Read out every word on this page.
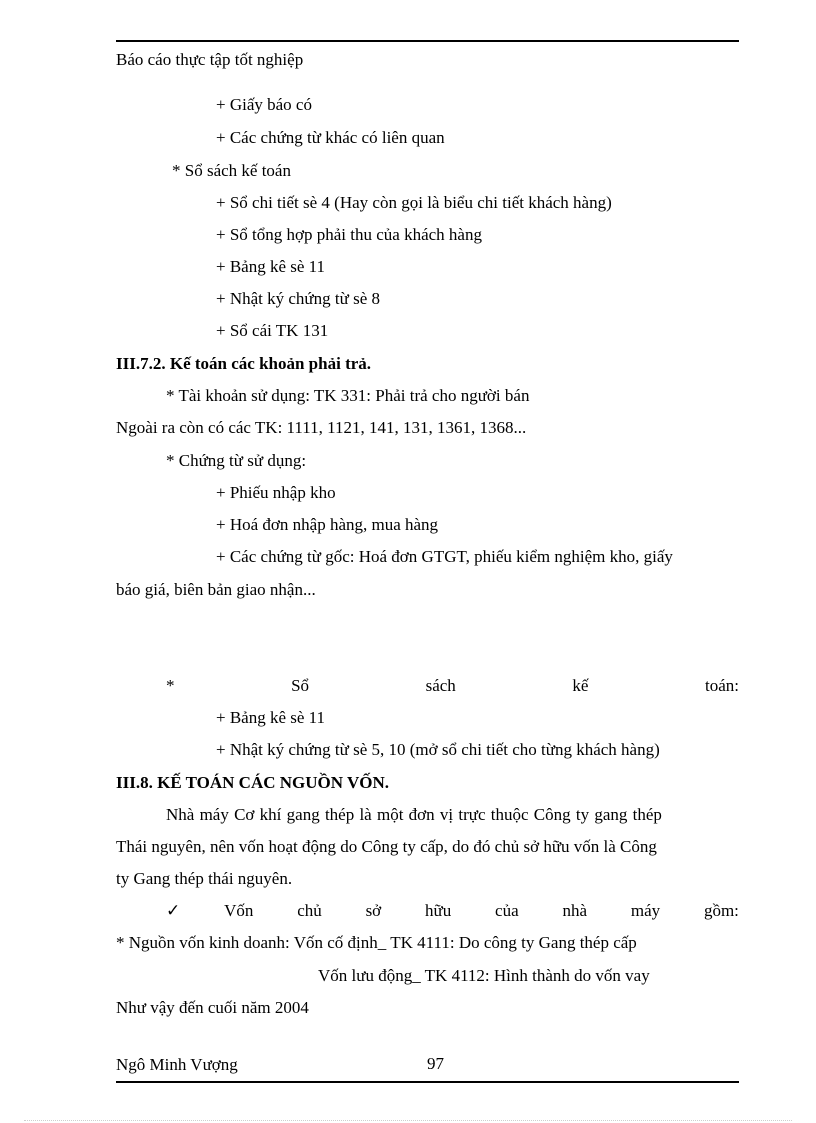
Báo cáo thực tập tốt nghiệp
+ Giấy báo có
+ Các chứng từ khác có liên quan
* Sổ sách kế toán
+ Sổ chi tiết sè 4 (Hay còn gọi là biểu chi tiết khách hàng)
+ Sổ tổng hợp phải thu của khách hàng
+ Bảng kê sè 11
+ Nhật ký chứng từ sè 8
+ Sổ cái TK 131
III.7.2. Kế toán các khoản phải trả.
* Tài khoản sử dụng: TK 331: Phải trả cho người bán
Ngoài ra còn có các TK: 1111, 1121, 141, 131, 1361, 1368...
* Chứng từ sử dụng:
+ Phiếu nhập kho
+ Hoá đơn nhập hàng, mua hàng
+ Các chứng từ gốc: Hoá đơn GTGT, phiếu kiểm nghiệm kho, giấy
báo giá, biên bản giao nhận...
*	Sổ	sách	kế	toán:
+ Bảng kê sè 11
+ Nhật ký chứng từ sè 5, 10 (mở sổ chi tiết cho từng khách hàng)
III.8. KẾ TOÁN CÁC NGUỒN VỐN.
Nhà máy Cơ khí gang thép là một đơn vị trực thuộc Công ty gang thép
Thái nguyên, nên vốn hoạt động do Công ty cấp, do đó chủ sở hữu vốn là Công
ty Gang thép thái nguyên.
✓	Vốn	chủ	sở	hữu	của	nhà	máy	gồm:
* Nguồn vốn kinh doanh: Vốn cố định_ TK 4111: Do công ty Gang thép cấp
Vốn lưu động_ TK 4112: Hình thành do vốn vay
Như vậy đến cuối năm 2004
Ngô Minh Vượng	97
